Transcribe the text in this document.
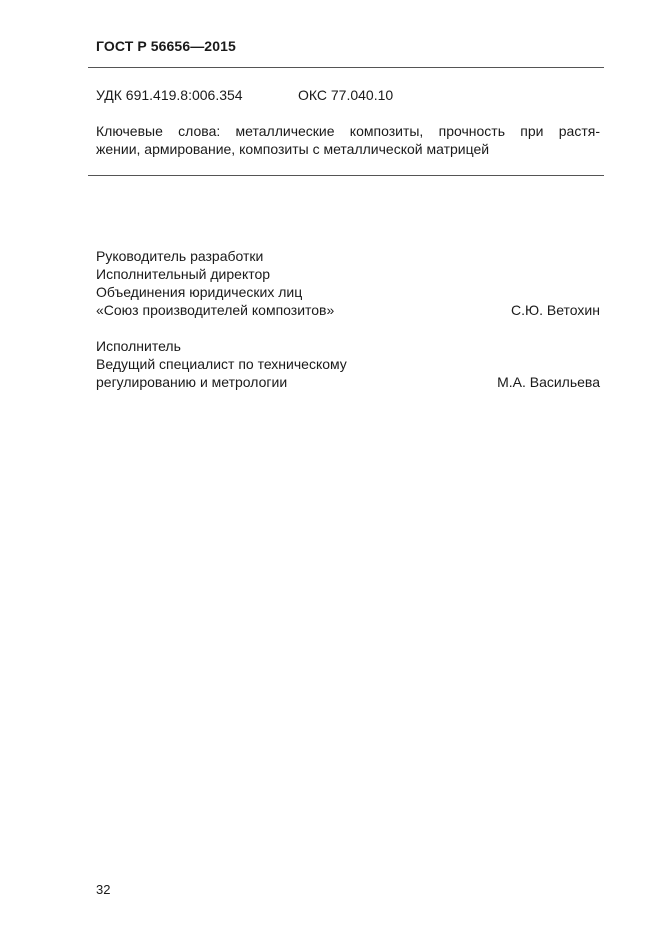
ГОСТ Р 56656—2015
УДК 691.419.8:006.354	ОКС 77.040.10
Ключевые слова: металлические композиты, прочность при растя-
жении, армирование, композиты с металлической матрицей
Руководитель разработки
Исполнительный директор
Объединения юридических лиц
«Союз производителей композитов»	С.Ю. Ветохин
Исполнитель
Ведущий специалист по техническому
регулированию и метрологии	М.А. Васильева
32
